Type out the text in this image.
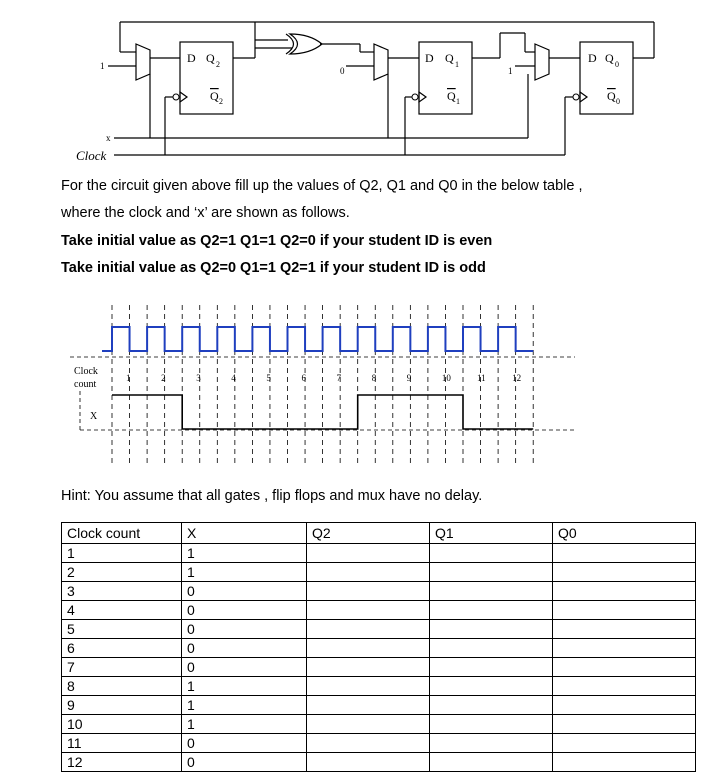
D Q 2
Q 2
D Q 1
Q 1
D Q 0
Q 0
1	0	1
x
Clock
For the circuit given above fill up the values of Q2, Q1 and Q0 in the below table ,
where the clock and ‘x’ are shown as follows.
Take initial value as Q2=1 Q1=1 Q2=0 if your student ID is even
Take initial value as Q2=0 Q1=1 Q2=1 if your student ID is odd
Clock
count
X
1	2	3	4	5	6	7	8	9	10	11	12
Hint: You assume that all gates , flip flops and mux have no delay.
Clock count	X	Q2	Q1	Q0
1	1			
2	1			
3	0			
4	0			
5	0			
6	0			
7	0			
8	1			
9	1			
10	1			
11	0			
12	0			
